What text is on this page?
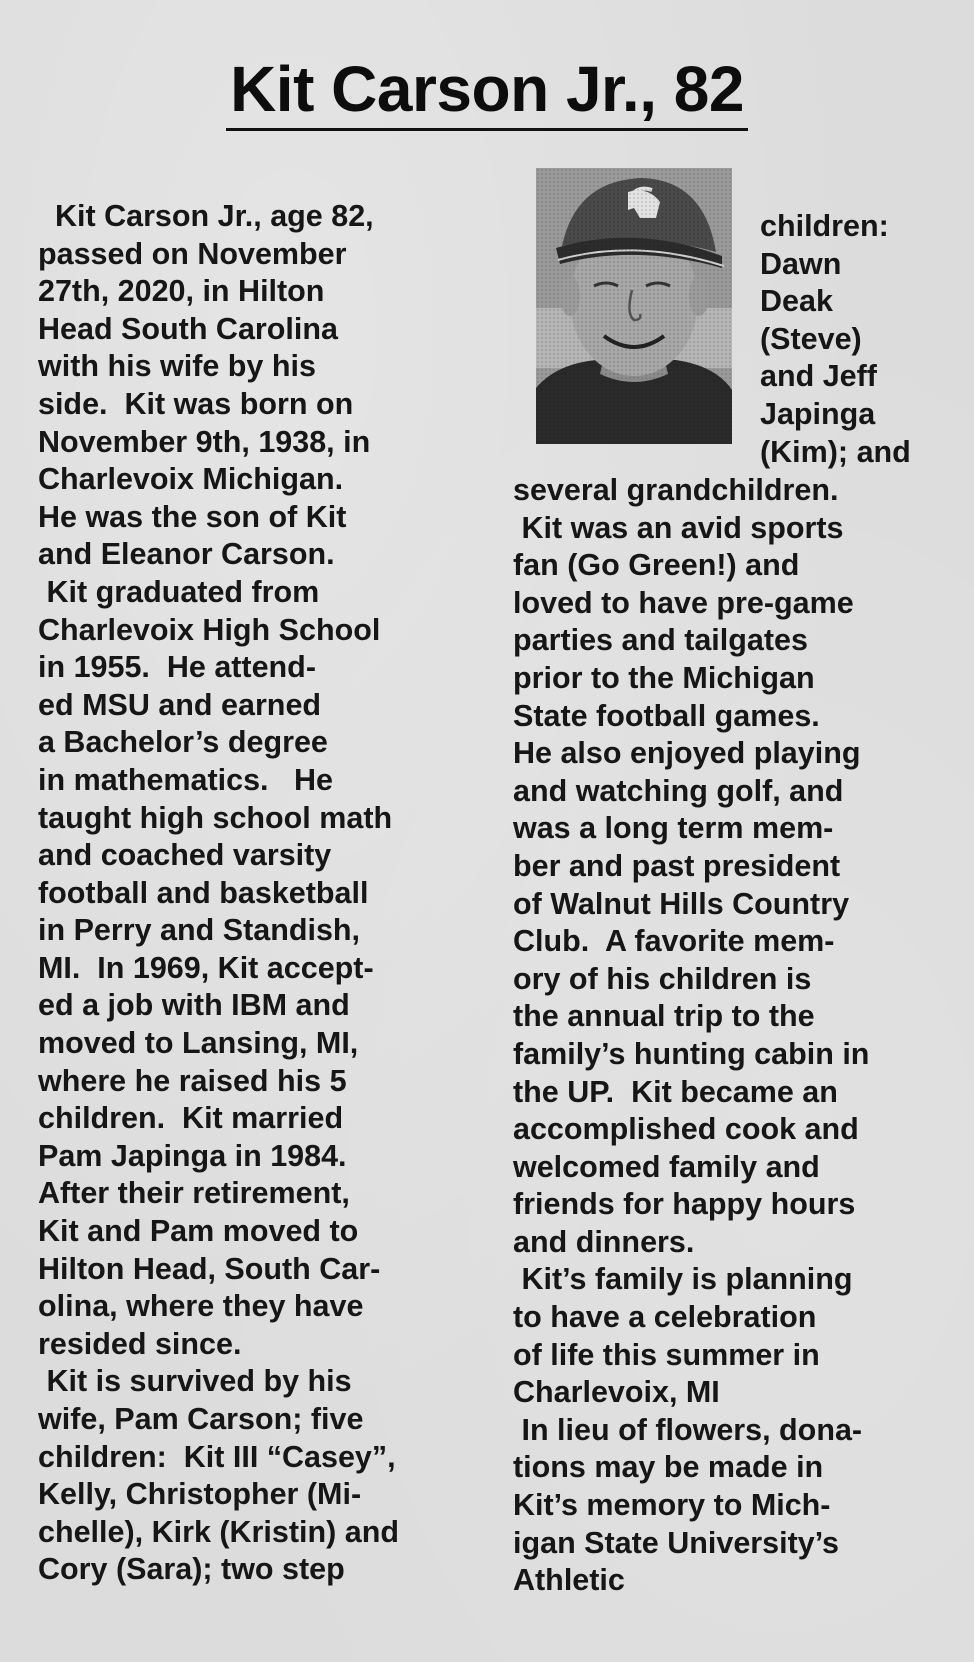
Kit Carson Jr., 82
Kit Carson Jr., age 82,
passed on November
27th, 2020, in Hilton
Head South Carolina
with his wife by his
side.  Kit was born on
November 9th, 1938, in
Charlevoix Michigan.
He was the son of Kit
and Eleanor Carson.
Kit graduated from
Charlevoix High School
in 1955.  He attend-
ed MSU and earned
a Bachelor’s degree
in mathematics.   He
taught high school math
and coached varsity
football and basketball
in Perry and Standish,
MI.  In 1969, Kit accept-
ed a job with IBM and
moved to Lansing, MI,
where he raised his 5
children.  Kit married
Pam Japinga in 1984.
After their retirement,
Kit and Pam moved to
Hilton Head, South Car-
olina, where they have
resided since.
Kit is survived by his
wife, Pam Carson; five
children:  Kit III “Casey”,
Kelly, Christopher (Mi-
chelle), Kirk (Kristin) and
Cory (Sara); two step
children:
Dawn
Deak
(Steve)
and Jeff
Japinga
(Kim); and
several grandchildren.
Kit was an avid sports
fan (Go Green!) and
loved to have pre-game
parties and tailgates
prior to the Michigan
State football games.
He also enjoyed playing
and watching golf, and
was a long term mem-
ber and past president
of Walnut Hills Country
Club.  A favorite mem-
ory of his children is
the annual trip to the
family’s hunting cabin in
the UP.  Kit became an
accomplished cook and
welcomed family and
friends for happy hours
and dinners.
Kit’s family is planning
to have a celebration
of life this summer in
Charlevoix, MI
In lieu of flowers, dona-
tions may be made in
Kit’s memory to Mich-
igan State University’s
Athletic
